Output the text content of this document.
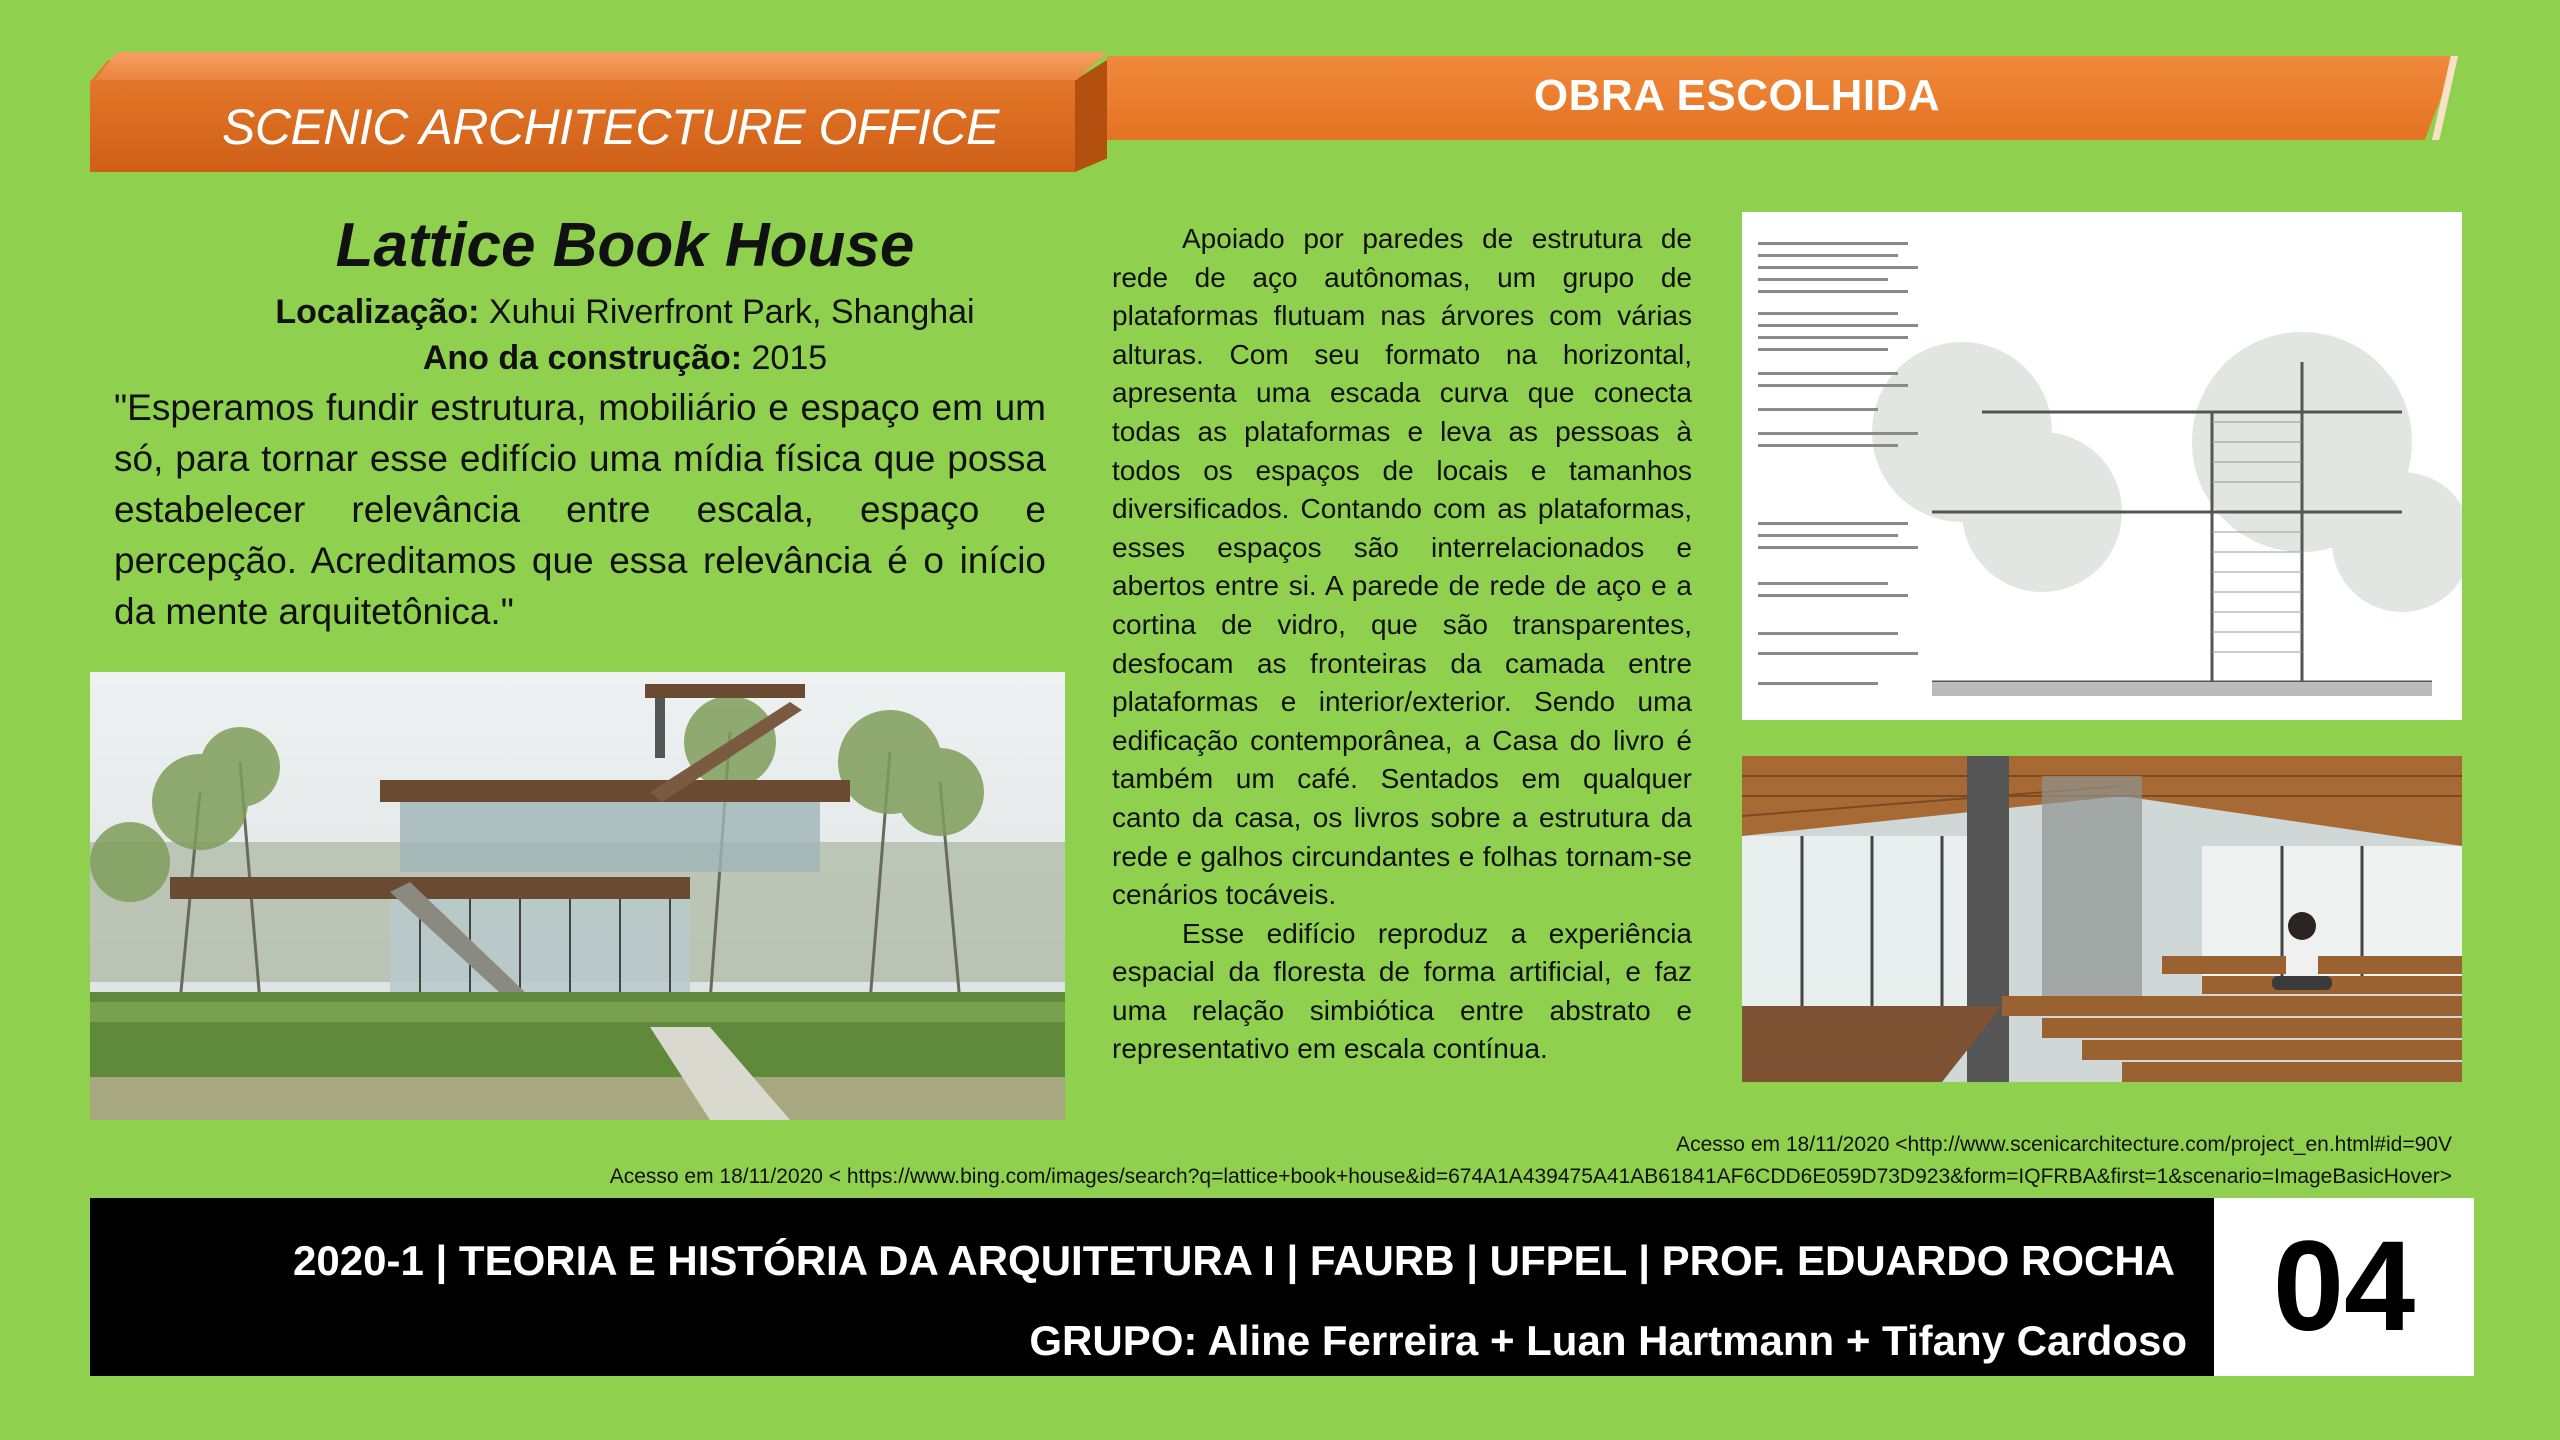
OBRA ESCOLHIDA
SCENIC ARCHITECTURE OFFICE
Lattice Book House
Localização: Xuhui Riverfront Park, Shanghai
Ano da construção: 2015
"Esperamos fundir estrutura, mobiliário e espaço em um só, para tornar esse edifício uma mídia física que possa estabelecer relevância entre escala, espaço e percepção. Acreditamos que essa relevância é o início da mente arquitetônica."

Apoiado por paredes de estrutura de rede de aço autônomas, um grupo de plataformas flutuam nas árvores com várias alturas. Com seu formato na horizontal, apresenta uma escada curva que conecta todas as plataformas e leva as pessoas à todos os espaços de locais e tamanhos diversificados. Contando com as plataformas, esses espaços são interrelacionados e abertos entre si. A parede de rede de aço e a cortina de vidro, que são transparentes, desfocam as fronteiras da camada entre plataformas e interior/exterior. Sendo uma edificação contemporânea, a Casa do livro é também um café. Sentados em qualquer canto da casa, os livros sobre a estrutura da rede e galhos circundantes e folhas tornam-se cenários tocáveis.

Esse edifício reproduz a experiência espacial da floresta de forma artificial, e faz uma relação simbiótica entre abstrato e representativo em escala contínua.

Acesso em 18/11/2020 <http://www.scenicarchitecture.com/project_en.html#id=90V
Acesso em 18/11/2020 < https://www.bing.com/images/search?q=lattice+book+house&id=674A1A439475A41AB61841AF6CDD6E059D73D923&form=IQFRBA&first=1&scenario=ImageBasicHover>
2020-1 | TEORIA E HISTÓRIA DA ARQUITETURA I | FAURB | UFPEL | PROF. EDUARDO ROCHA
GRUPO: Aline Ferreira + Luan Hartmann + Tifany Cardoso 04
